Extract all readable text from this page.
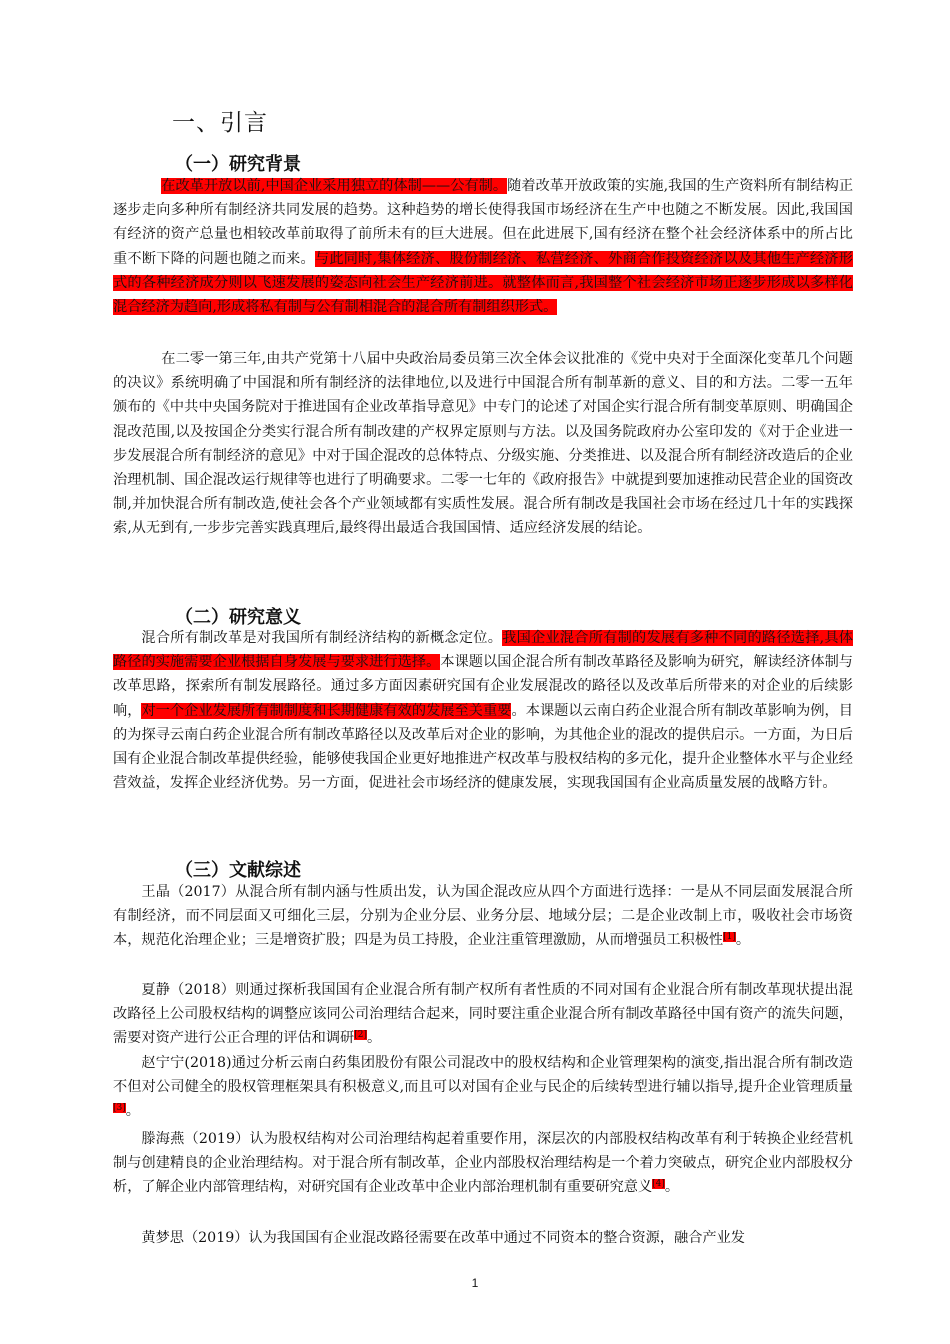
一、引言
（一）研究背景

在改革开放以前,中国企业采用独立的体制——公有制。随着改革开放政策的实施,我国的生产资料所有制结构正逐步走向多种所有制经济共同发展的趋势。这种趋势的增长使得我国市场经济在生产中也随之不断发展。因此,我国国有经济的资产总量也相较改革前取得了前所未有的巨大进展。但在此进展下,国有经济在整个社会经济体系中的所占比重不断下降的问题也随之而来。与此同时,集体经济、股份制经济、私营经济、外商合作投资经济以及其他生产经济形式的各种经济成分则以飞速发展的姿态向社会生产经济前进。就整体而言,我国整个社会经济市场正逐步形成以多样化混合经济为趋向,形成将私有制与公有制相混合的混合所有制组织形式。

在二零一第三年,由共产党第十八届中央政治局委员第三次全体会议批准的《党中央对于全面深化变革几个问题的决议》系统明确了中国混和所有制经济的法律地位,以及进行中国混合所有制革新的意义、目的和方法。二零一五年颁布的《中共中央国务院对于推进国有企业改革指导意见》中专门的论述了对国企实行混合所有制变革原则、明确国企混改范围,以及按国企分类实行混合所有制改建的产权界定原则与方法。以及国务院政府办公室印发的《对于企业进一步发展混合所有制经济的意见》中对于国企混改的总体特点、分级实施、分类推进、以及混合所有制经济改造后的企业治理机制、国企混改运行规律等也进行了明确要求。二零一七年的《政府报告》中就提到要加速推动民营企业的国资改制,并加快混合所有制改造,使社会各个产业领域都有实质性发展。混合所有制改是我国社会市场在经过几十年的实践探索,从无到有,一步步完善实践真理后,最终得出最适合我国国情、适应经济发展的结论。

（二）研究意义

混合所有制改革是对我国所有制经济结构的新概念定位。我国企业混合所有制的发展有多种不同的路径选择,具体路径的实施需要企业根据自身发展与要求进行选择。本课题以国企混合所有制改革路径及影响为研究，解读经济体制与改革思路，探索所有制发展路径。通过多方面因素研究国有企业发展混改的路径以及改革后所带来的对企业的后续影响，对一个企业发展所有制制度和长期健康有效的发展至关重要。本课题以云南白药企业混合所有制改革影响为例，目的为探寻云南白药企业混合所有制改革路径以及改革后对企业的影响，为其他企业的混改的提供启示。一方面，为日后国有企业混合制改革提供经验，能够使我国企业更好地推进产权改革与股权结构的多元化，提升企业整体水平与企业经营效益，发挥企业经济优势。另一方面，促进社会市场经济的健康发展，实现我国国有企业高质量发展的战略方针。

（三）文献综述

王晶（2017）从混合所有制内涵与性质出发，认为国企混改应从四个方面进行选择：一是从不同层面发展混合所有制经济，而不同层面又可细化三层，分别为企业分层、业务分层、地域分层；二是企业改制上市，吸收社会市场资本，规范化治理企业；三是增资扩股；四是为员工持股，企业注重管理激励，从而增强员工积极性[1]。

夏静（2018）则通过探析我国国有企业混合所有制产权所有者性质的不同对国有企业混合所有制改革现状提出混改路径上公司股权结构的调整应该同公司治理结合起来，同时要注重企业混合所有制改革路径中国有资产的流失问题，需要对资产进行公正合理的评估和调研[2]。

赵宁宁(2018)通过分析云南白药集团股份有限公司混改中的股权结构和企业管理架构的演变,指出混合所有制改造不但对公司健全的股权管理框架具有积极意义,而且可以对国有企业与民企的后续转型进行辅以指导,提升企业管理质量[3]。

滕海燕（2019）认为股权结构对公司治理结构起着重要作用，深层次的内部股权结构改革有利于转换企业经营机制与创建精良的企业治理结构。对于混合所有制改革，企业内部股权治理结构是一个着力突破点，研究企业内部股权分析，了解企业内部管理结构，对研究国有企业改革中企业内部治理机制有重要研究意义[4]。

黄梦思（2019）认为我国国有企业混改路径需要在改革中通过不同资本的整合资源，融合产业发

1
